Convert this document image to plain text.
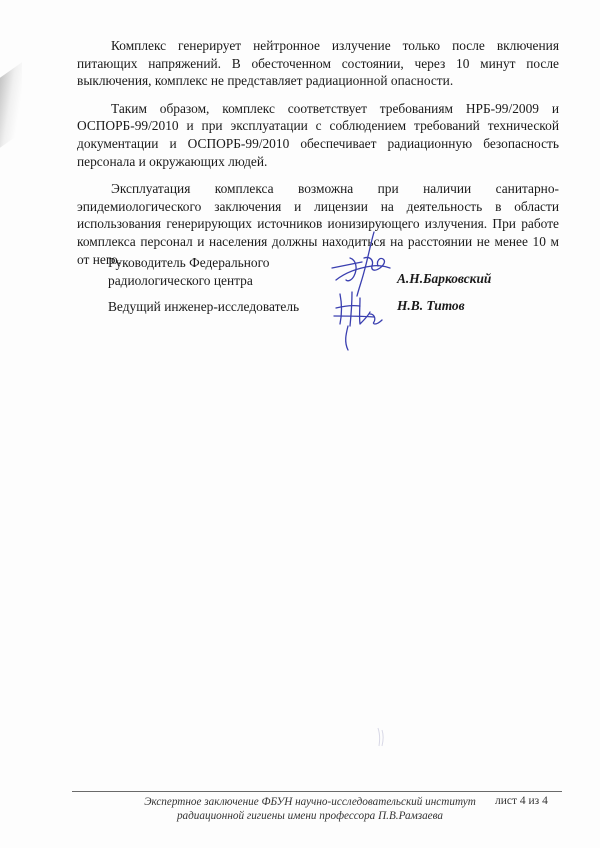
Комплекс генерирует нейтронное излучение только после включения питающих напряжений. В обесточенном состоянии, через 10 минут после выключения, комплекс не представляет радиационной опасности.

Таким образом, комплекс соответствует требованиям НРБ-99/2009 и ОСПОРБ-99/2010 и при эксплуатации с соблюдением требований технической документации и ОСПОРБ-99/2010 обеспечивает радиационную безопасность персонала и окружающих людей.

Эксплуатация комплекса возможна при наличии санитарно-эпидемиологического заключения и лицензии на деятельность в области использования генерирующих источников ионизирующего излучения. При работе комплекса персонал и населения должны находиться на расстоянии не менее 10 м от него.

Руководитель Федерального
радиологического центра	А.Н.Барковский
Ведущий инженер-исследователь	Н.В. Титов
Экспертное заключение ФБУН научно-исследовательский институт
радиационной гигиены имени профессора П.В.Рамзаева
лист 4 из 4
